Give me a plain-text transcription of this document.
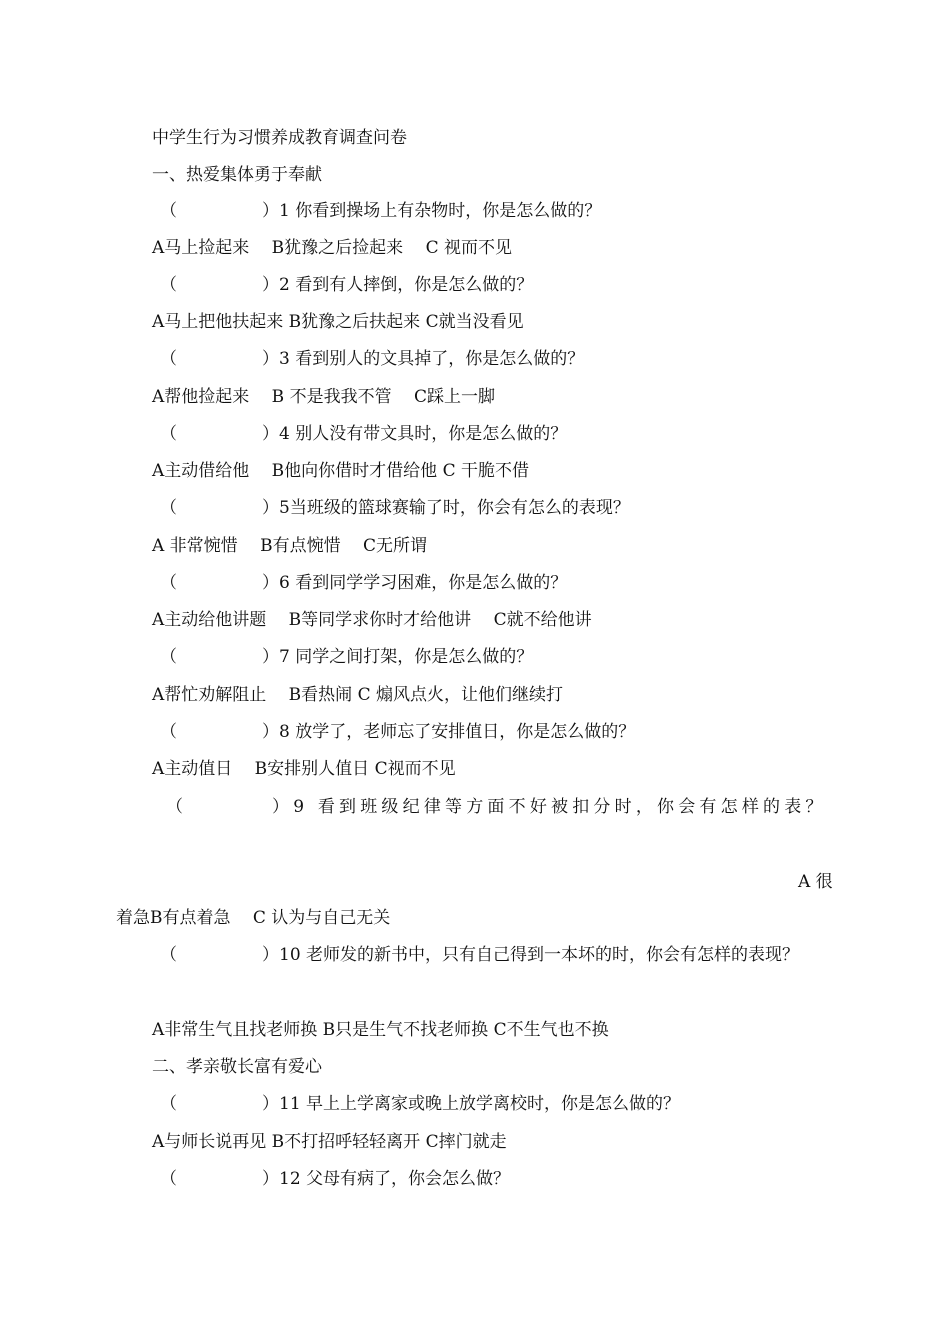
中学生行为习惯养成教育调查问卷
一、热爱集体勇于奉献
（　　　　　）1 你看到操场上有杂物时，你是怎么做的？
A马上捡起来　 B犹豫之后捡起来　 C 视而不见
（　　　　　）2 看到有人摔倒，你是怎么做的？
A马上把他扶起来 B犹豫之后扶起来 C就当没看见
（　　　　　）3 看到别人的文具掉了，你是怎么做的？
A帮他捡起来　 B 不是我我不管　 C踩上一脚
（　　　　　）4 别人没有带文具时，你是怎么做的？
A主动借给他　 B他向你借时才借给他 C 干脆不借
（　　　　　）5当班级的篮球赛输了时，你会有怎么的表现？
A 非常惋惜　 B有点惋惜　 C无所谓
（　　　　　）6 看到同学学习困难，你是怎么做的？
A主动给他讲题　 B等同学求你时才给他讲　 C就不给他讲
（　　　　　）7 同学之间打架，你是怎么做的？
A帮忙劝解阻止　 B看热闹 C 煽风点火，让他们继续打
（　　　　　）8 放学了，老师忘了安排值日，你是怎么做的？
A主动值日　 B安排别人值日 C视而不见
（　　　　）9 看到班级纪律等方面不好被扣分时，你会有怎样的表？
A 很
着急B有点着急　 C 认为与自己无关
（　　　　　）10 老师发的新书中，只有自己得到一本坏的时，你会有怎样的表现？
A非常生气且找老师换 B只是生气不找老师换 C不生气也不换
二、孝亲敬长富有爱心
（　　　　　）11 早上上学离家或晚上放学离校时，你是怎么做的？
A与师长说再见 B不打招呼轻轻离开 C摔门就走
（　　　　　）12 父母有病了，你会怎么做？
